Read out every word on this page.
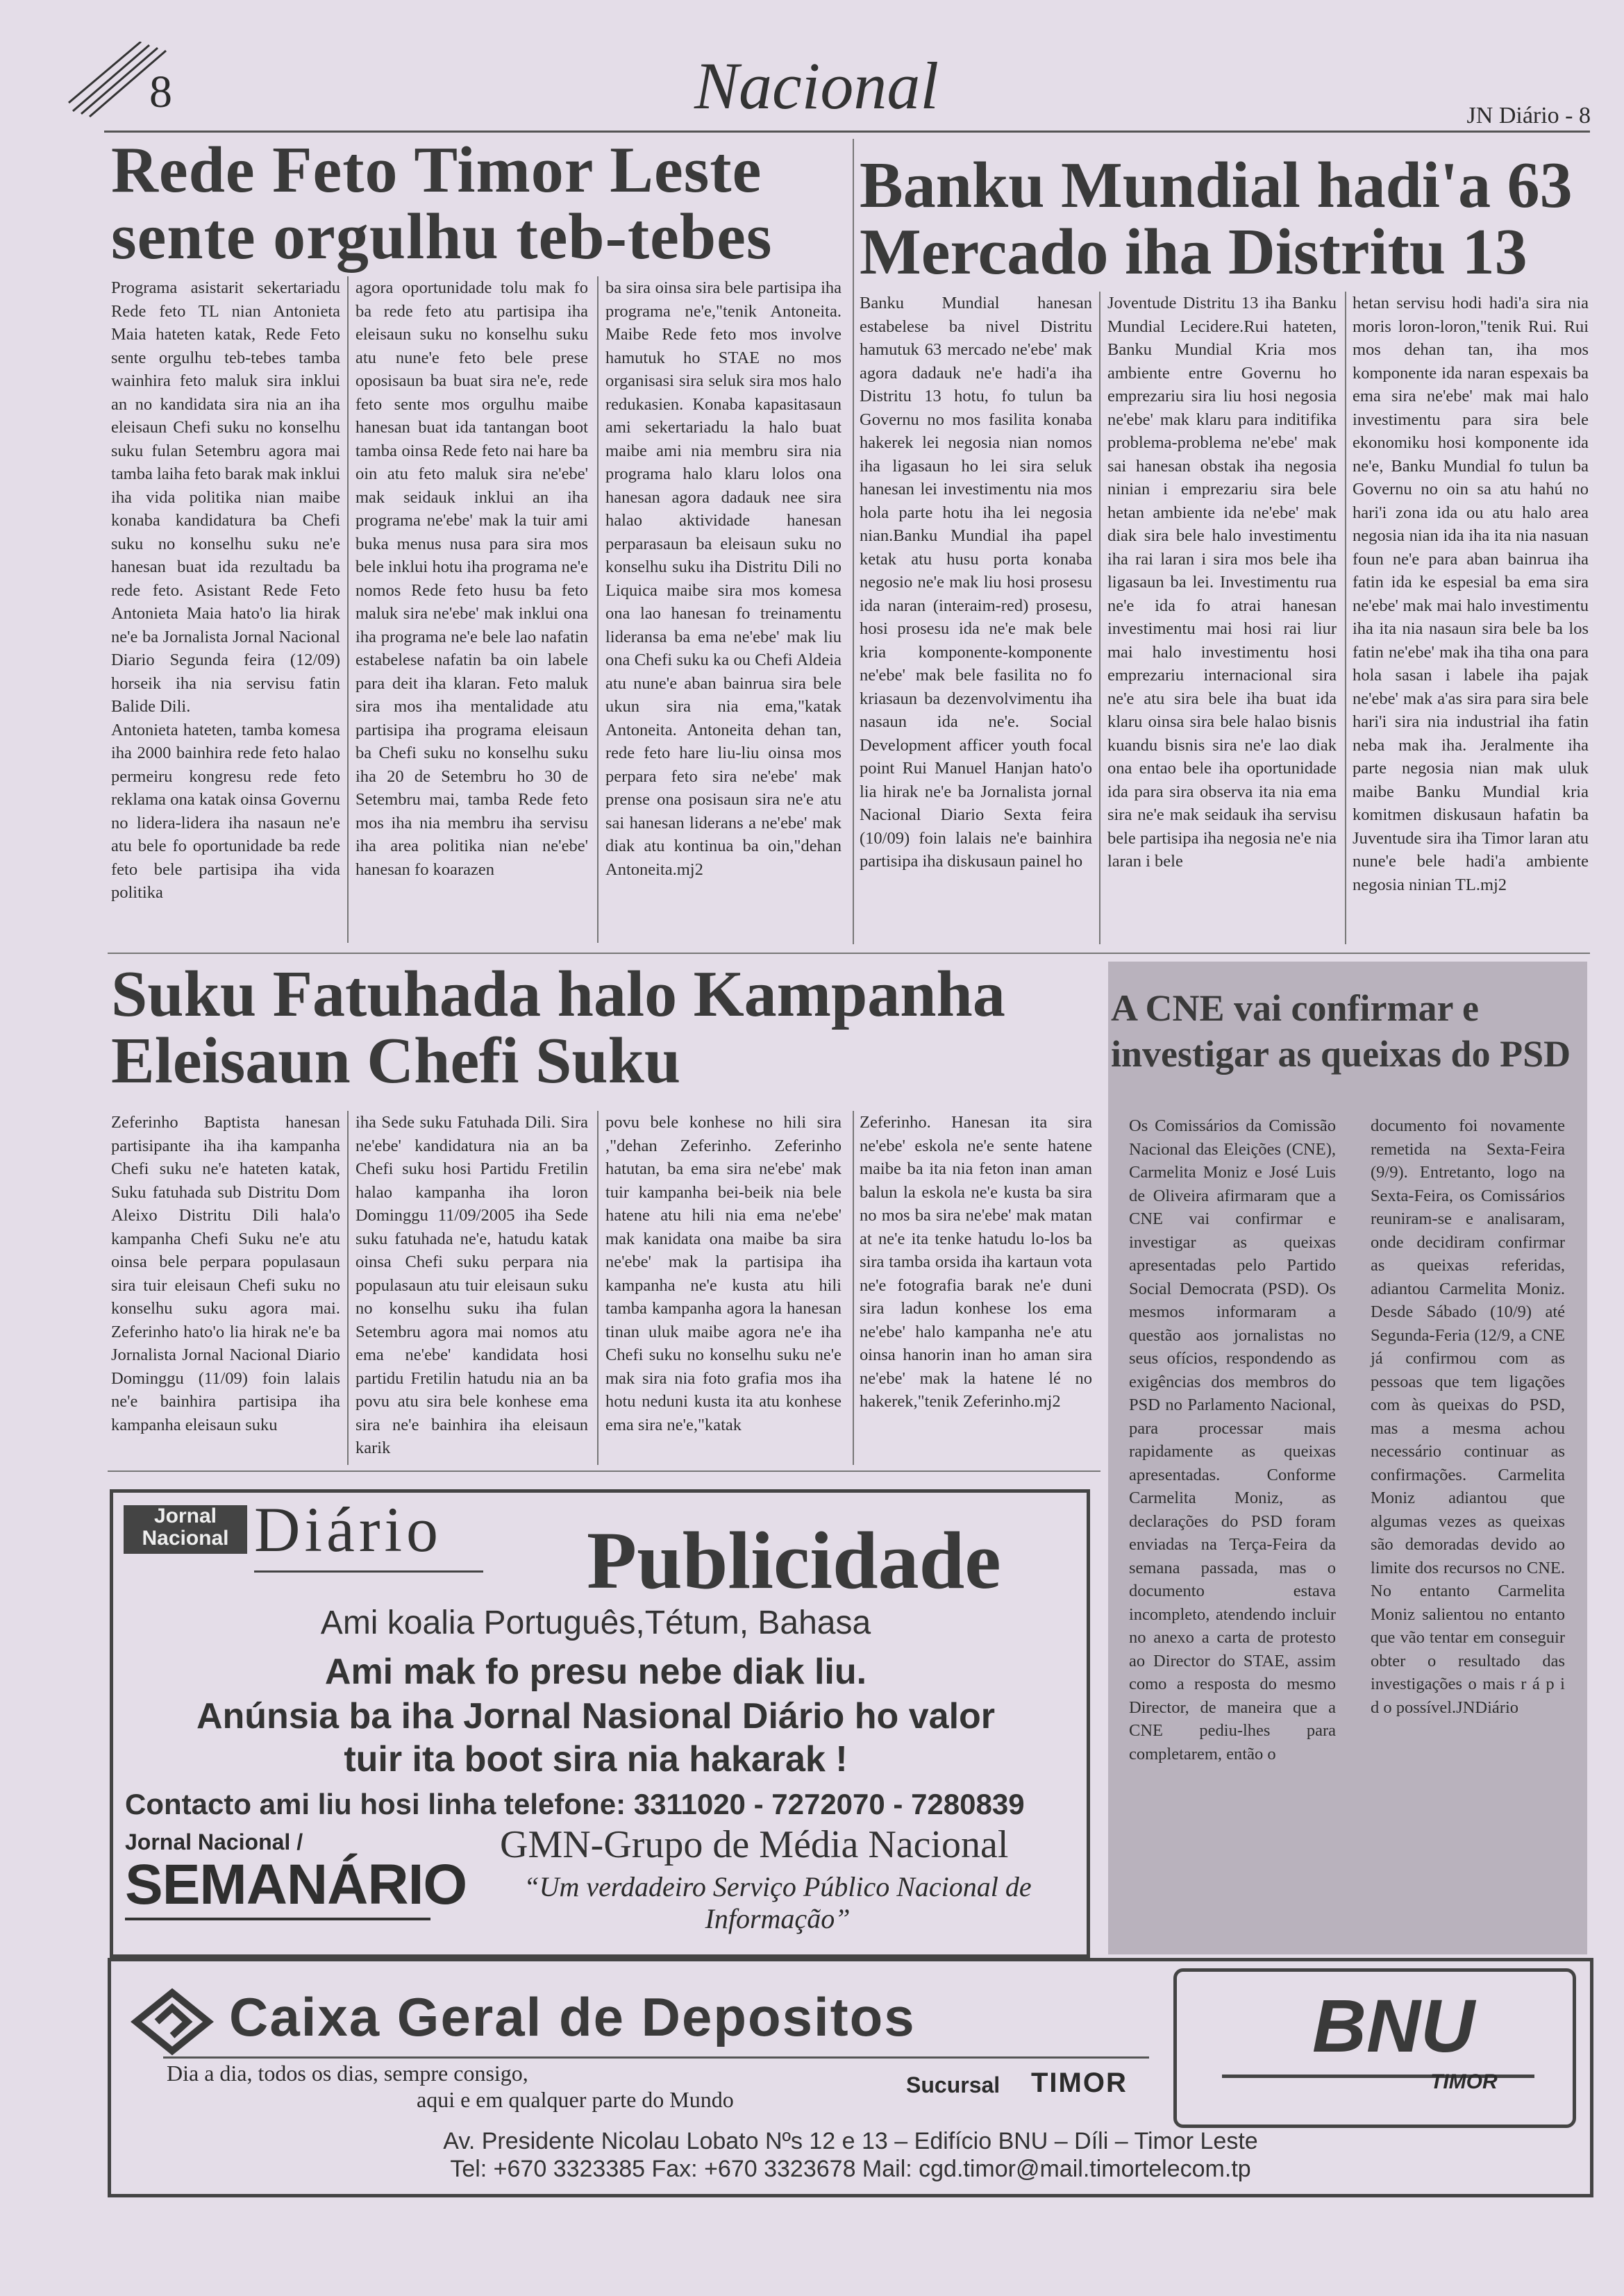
8	Nacional	JN Diário - 8
Rede Feto Timor Leste sente orgulhu teb-tebes

Programa asistarit sekertariadu Rede feto TL nian Antonieta Maia hateten katak, Rede Feto sente orgulhu teb-tebes tamba wainhira feto maluk sira inklui an no kandidata sira nia an iha eleisaun Chefi suku no konselhu suku fulan Setembru agora mai tamba laiha feto barak mak inklui iha vida politika nian maibe konaba kandidatura ba Chefi suku no konselhu suku ne'e hanesan buat ida rezultadu ba rede feto. Asistant Rede Feto Antonieta Maia hato'o lia hirak ne'e ba Jornalista Jornal Nacional Diario Segunda feira (12/09) horseik iha nia servisu fatin Balide Dili.

Antonieta hateten, tamba komesa iha 2000 bainhira rede feto halao permeiru kongresu rede feto reklama ona katak oinsa Governu no lidera-lidera iha nasaun ne'e atu bele fo oportunidade ba rede feto bele partisipa iha vida politika

agora oportunidade tolu mak fo ba rede feto atu partisipa iha eleisaun suku no konselhu suku atu nune'e feto bele prese oposisaun ba buat sira ne'e, rede feto sente mos orgulhu maibe hanesan buat ida tantangan boot tamba oinsa Rede feto nai hare ba oin atu feto maluk sira ne'ebe' mak seidauk inklui an iha programa ne'ebe' mak la tuir ami buka menus nusa para sira mos bele inklui hotu iha programa ne'e nomos Rede feto husu ba feto maluk sira ne'ebe' mak inklui ona iha programa ne'e bele lao nafatin estabelese nafatin ba oin labele para deit iha klaran. Feto maluk sira mos iha mentalidade atu partisipa iha programa eleisaun ba Chefi suku no konselhu suku iha 20 de Setembru ho 30 de Setembru mai, tamba Rede feto mos iha nia membru iha servisu iha area politika nian ne'ebe' hanesan fo koarazen
ba sira oinsa sira bele partisipa iha programa ne'e,"tenik Antoneita. Maibe Rede feto mos involve hamutuk ho STAE no mos organisasi sira seluk sira mos halo redukasien. Konaba kapasitasaun ami sekertariadu la halo buat maibe ami nia membru sira nia programa halo klaru lolos ona hanesan agora dadauk nee sira halao aktividade hanesan perparasaun ba eleisaun suku no konselhu suku iha Distritu Dili no Liquica maibe sira mos komesa ona lao hanesan fo treinamentu lideransa ba ema ne'ebe' mak liu ona Chefi suku ka ou Chefi Aldeia atu nune'e aban bainrua sira bele ukun sira nia ema,"katak Antoneita. Antoneita dehan tan, rede feto hare liu-liu oinsa mos perpara feto sira ne'ebe' mak prense ona posisaun sira ne'e atu sai hanesan liderans a ne'ebe' mak diak atu kontinua ba oin,"dehan Antoneita.mj2
Banku Mundial hadi'a 63 Mercado iha Distritu 13
Banku Mundial hanesan estabelese ba nivel Distritu hamutuk 63 mercado ne'ebe' mak agora dadauk ne'e hadi'a iha Distritu 13 hotu, fo tulun ba Governu no mos fasilita konaba hakerek lei negosia nian nomos iha ligasaun ho lei sira seluk hanesan lei investimentu nia mos hola parte hotu iha lei negosia nian.Banku Mundial iha papel ketak atu husu porta konaba negosio ne'e mak liu hosi prosesu ida naran (interaim-red) prosesu, hosi prosesu ida ne'e mak bele kria komponente-komponente ne'ebe' mak bele fasilita no fo kriasaun ba dezenvolvimentu iha nasaun ida ne'e. Social Development afficer youth focal point Rui Manuel Hanjan hato'o lia hirak ne'e ba Jornalista jornal Nacional Diario Sexta feira (10/09) foin lalais ne'e bainhira partisipa iha diskusaun painel ho
Joventude Distritu 13 iha Banku Mundial Lecidere.Rui hateten, Banku Mundial Kria mos ambiente entre Governu ho emprezariu sira liu hosi negosia ne'ebe' mak klaru para inditifika problema-problema ne'ebe' mak sai hanesan obstak iha negosia ninian i emprezariu sira bele hetan ambiente ida ne'ebe' mak diak sira bele halo investimentu iha rai laran i sira mos bele iha ligasaun ba lei. Investimentu rua ne'e ida fo atrai hanesan investimentu mai hosi rai liur mai halo investimentu hosi emprezariu internacional sira ne'e atu sira bele iha buat ida klaru oinsa sira bele halao bisnis kuandu bisnis sira ne'e lao diak ona entao bele iha oportunidade ida para sira observa ita nia ema sira ne'e mak seidauk iha servisu bele partisipa iha negosia ne'e nia laran i bele
hetan servisu hodi hadi'a sira nia moris loron-loron,"tenik Rui. Rui mos dehan tan, iha mos komponente ida naran espexais ba ema sira ne'ebe' mak mai halo investimentu para sira bele ekonomiku hosi komponente ida ne'e, Banku Mundial fo tulun ba Governu no oin sa atu hahú no hari'i zona ida ou atu halo area negosia nian ida iha ita nia nasuan foun ne'e para aban bainrua iha fatin ida ke espesial ba ema sira ne'ebe' mak mai halo investimentu iha ita nia nasaun sira bele ba los fatin ne'ebe' mak iha tiha ona para hola sasan i labele iha pajak ne'ebe' mak a'as sira para sira bele hari'i sira nia industrial iha fatin neba mak iha. Jeralmente iha parte negosia nian mak uluk maibe Banku Mundial kria komitmen diskusaun hafatin ba Juventude sira iha Timor laran atu nune'e bele hadi'a ambiente negosia ninian TL.mj2
Suku Fatuhada halo Kampanha Eleisaun Chefi Suku
Zeferinho Baptista hanesan partisipante iha iha kampanha Chefi suku ne'e hateten katak, Suku fatuhada sub Distritu Dom Aleixo Distritu Dili hala'o kampanha Chefi Suku ne'e atu oinsa bele perpara populasaun sira tuir eleisaun Chefi suku no konselhu suku agora mai. Zeferinho hato'o lia hirak ne'e ba Jornalista Jornal Nacional Diario Dominggu (11/09) foin lalais ne'e bainhira partisipa iha kampanha eleisaun suku
iha Sede suku Fatuhada Dili. Sira ne'ebe' kandidatura nia an ba Chefi suku hosi Partidu Fretilin halao kampanha iha loron Dominggu 11/09/2005 iha Sede suku fatuhada ne'e, hatudu katak oinsa Chefi suku perpara nia populasaun atu tuir eleisaun suku no konselhu suku iha fulan Setembru agora mai nomos atu ema ne'ebe' kandidata hosi partidu Fretilin hatudu nia an ba povu atu sira bele konhese ema sira ne'e bainhira iha eleisaun karik
povu bele konhese no hili sira ,"dehan Zeferinho. Zeferinho hatutan, ba ema sira ne'ebe' mak tuir kampanha bei-beik nia bele hatene atu hili nia ema ne'ebe' mak kanidata ona maibe ba sira ne'ebe' mak la partisipa iha kampanha ne'e kusta atu hili tamba kampanha agora la hanesan tinan uluk maibe agora ne'e iha Chefi suku no konselhu suku ne'e mak sira nia foto grafia mos iha hotu neduni kusta ita atu konhese ema sira ne'e,"katak
Zeferinho. Hanesan ita sira ne'ebe' eskola ne'e sente hatene maibe ba ita nia feton inan aman balun la eskola ne'e kusta ba sira no mos ba sira ne'ebe' mak matan at ne'e ita tenke hatudu lo-los ba sira tamba orsida iha kartaun vota ne'e fotografia barak ne'e duni sira ladun konhese los ema ne'ebe' halo kampanha ne'e atu oinsa hanorin inan ho aman sira ne'ebe' mak la hatene lé no hakerek,"tenik Zeferinho.mj2
A CNE vai confirmar e investigar as queixas do PSD
Os Comissários da Comissão Nacional das Eleições (CNE), Carmelita Moniz e José Luis de Oliveira afirmaram que a CNE vai confirmar e investigar as queixas apresentadas pelo Partido Social Democrata (PSD). Os mesmos informaram a questão aos jornalistas no seus ofícios, respondendo as exigências dos membros do PSD no Parlamento Nacional, para processar mais rapidamente as queixas apresentadas. Conforme Carmelita Moniz, as declarações do PSD foram enviadas na Terça-Feira da semana passada, mas o documento estava incompleto, atendendo incluir no anexo a carta de protesto ao Director do STAE, assim como a resposta do mesmo Director, de maneira que a CNE pediu-lhes para completarem, então o
documento foi novamente remetida na Sexta-Feira (9/9). Entretanto, logo na Sexta-Feira, os Comissários reuniram-se e analisaram, onde decidiram confirmar as queixas referidas, adiantou Carmelita Moniz. Desde Sábado (10/9) até Segunda-Feria (12/9, a CNE já confirmou com as pessoas que tem ligações com às queixas do PSD, mas a mesma achou necessário continuar as confirmações. Carmelita Moniz adiantou que algumas vezes as queixas são demoradas devido ao limite dos recursos no CNE. No entanto Carmelita Moniz salientou no entanto que vão tentar em conseguir obter o resultado das investigações o mais r á p i d o possível.JNDiário
Jornal Nacional Diário Publicidade
Ami koalia Português,Tétum, Bahasa
Ami mak fo presu nebe diak liu.
Anúnsia ba iha Jornal Nasional Diário ho valor
tuir ita boot sira nia hakarak !
Contacto ami liu hosi linha telefone: 3311020 - 7272070 - 7280839
Jornal Nacional /
SEMANÁRIO
GMN-Grupo de Média Nacional
“Um verdadeiro Serviço Público Nacional de Informação”
Caixa Geral de Depositos
Dia a dia, todos os dias, sempre consigo,
aqui e em qualquer parte do Mundo
Sucursal TIMOR
BNU
TIMOR
Av. Presidente Nicolau Lobato Nºs 12 e 13 – Edifício BNU – Díli – Timor Leste
Tel: +670 3323385 Fax: +670 3323678 Mail: cgd.timor@mail.timortelecom.tp
